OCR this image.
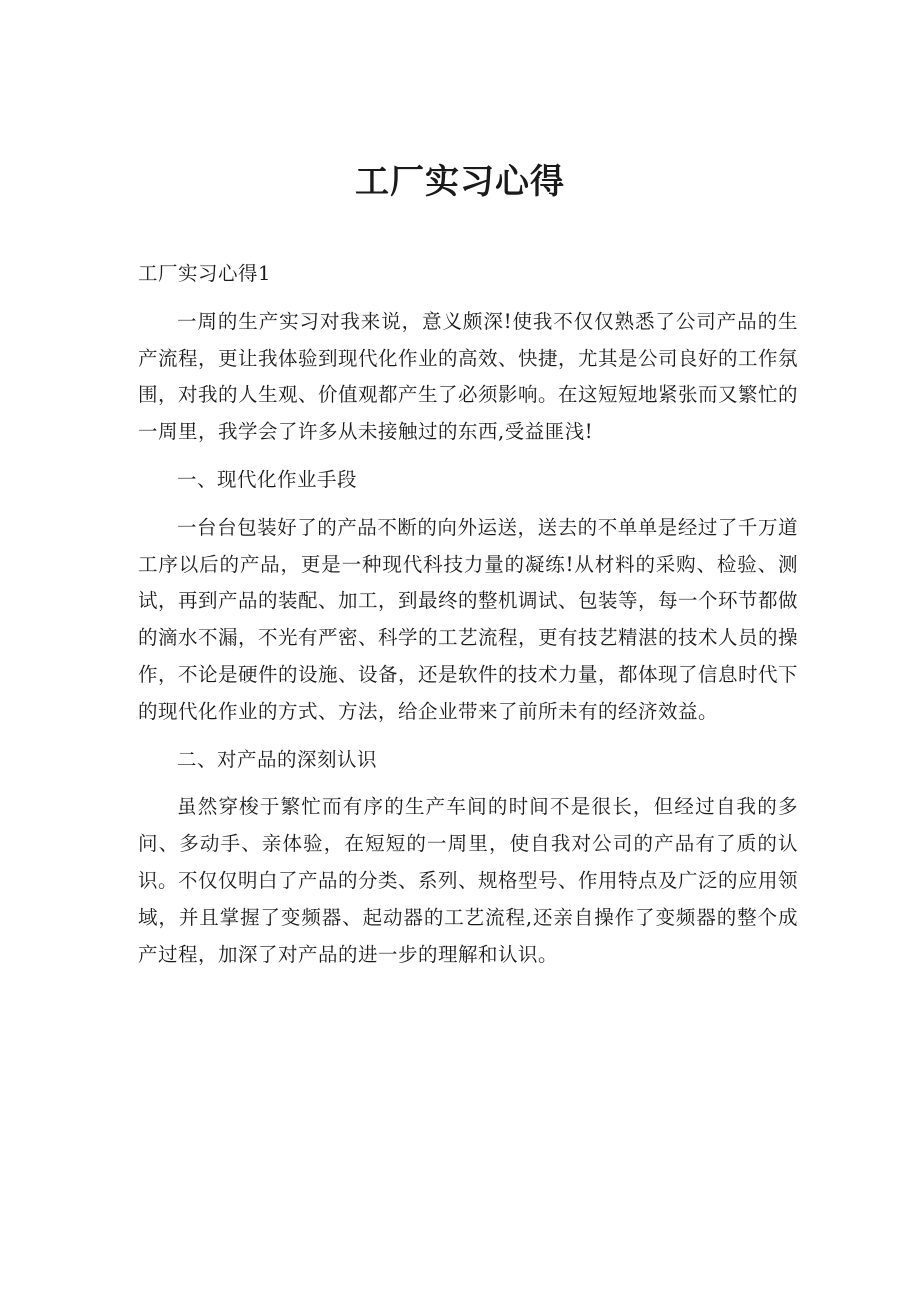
工厂实习心得

工厂实习心得1

一周的生产实习对我来说，意义颇深!使我不仅仅熟悉了公司产品的生产流程，更让我体验到现代化作业的高效、快捷，尤其是公司良好的工作氛围，对我的人生观、价值观都产生了必须影响。在这短短地紧张而又繁忙的一周里，我学会了许多从未接触过的东西,受益匪浅!

一、现代化作业手段

一台台包装好了的产品不断的向外运送，送去的不单单是经过了千万道工序以后的产品，更是一种现代科技力量的凝练!从材料的采购、检验、测试，再到产品的装配、加工，到最终的整机调试、包装等，每一个环节都做的滴水不漏，不光有严密、科学的工艺流程，更有技艺精湛的技术人员的操作，不论是硬件的设施、设备，还是软件的技术力量，都体现了信息时代下的现代化作业的方式、方法，给企业带来了前所未有的经济效益。

二、对产品的深刻认识

虽然穿梭于繁忙而有序的生产车间的时间不是很长，但经过自我的多问、多动手、亲体验，在短短的一周里，使自我对公司的产品有了质的认识。不仅仅明白了产品的分类、系列、规格型号、作用特点及广泛的应用领域，并且掌握了变频器、起动器的工艺流程,还亲自操作了变频器的整个成产过程，加深了对产品的进一步的理解和认识。
